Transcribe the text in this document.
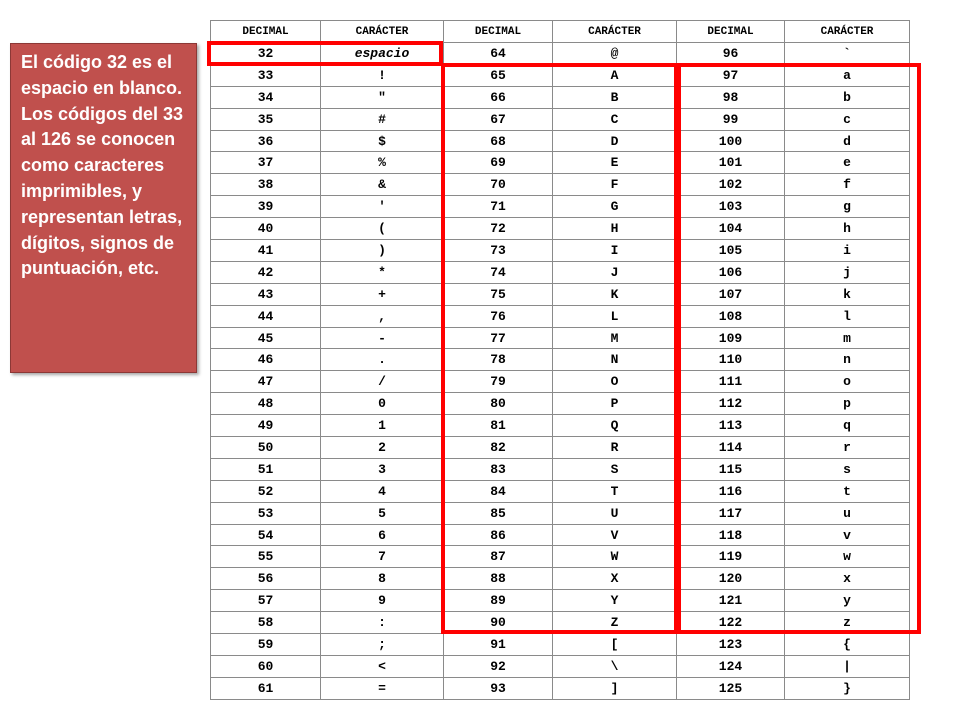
El código 32 es el espacio en blanco. Los códigos del 33 al 126 se conocen como caracteres imprimibles, y representan letras, dígitos, signos de puntuación, etc.
DECIMAL	CARÁCTER	DECIMAL	CARÁCTER	DECIMAL	CARÁCTER
32	espacio	64	@	96	`
33	!	65	A	97	a
34	"	66	B	98	b
35	#	67	C	99	c
36	$	68	D	100	d
37	%	69	E	101	e
38	&	70	F	102	f
39	'	71	G	103	g
40	(	72	H	104	h
41	)	73	I	105	i
42	*	74	J	106	j
43	+	75	K	107	k
44	,	76	L	108	l
45	-	77	M	109	m
46	.	78	N	110	n
47	/	79	O	111	o
48	0	80	P	112	p
49	1	81	Q	113	q
50	2	82	R	114	r
51	3	83	S	115	s
52	4	84	T	116	t
53	5	85	U	117	u
54	6	86	V	118	v
55	7	87	W	119	w
56	8	88	X	120	x
57	9	89	Y	121	y
58	:	90	Z	122	z
59	;	91	[	123	{
60	<	92	\	124	|
61	=	93	]	125	}
